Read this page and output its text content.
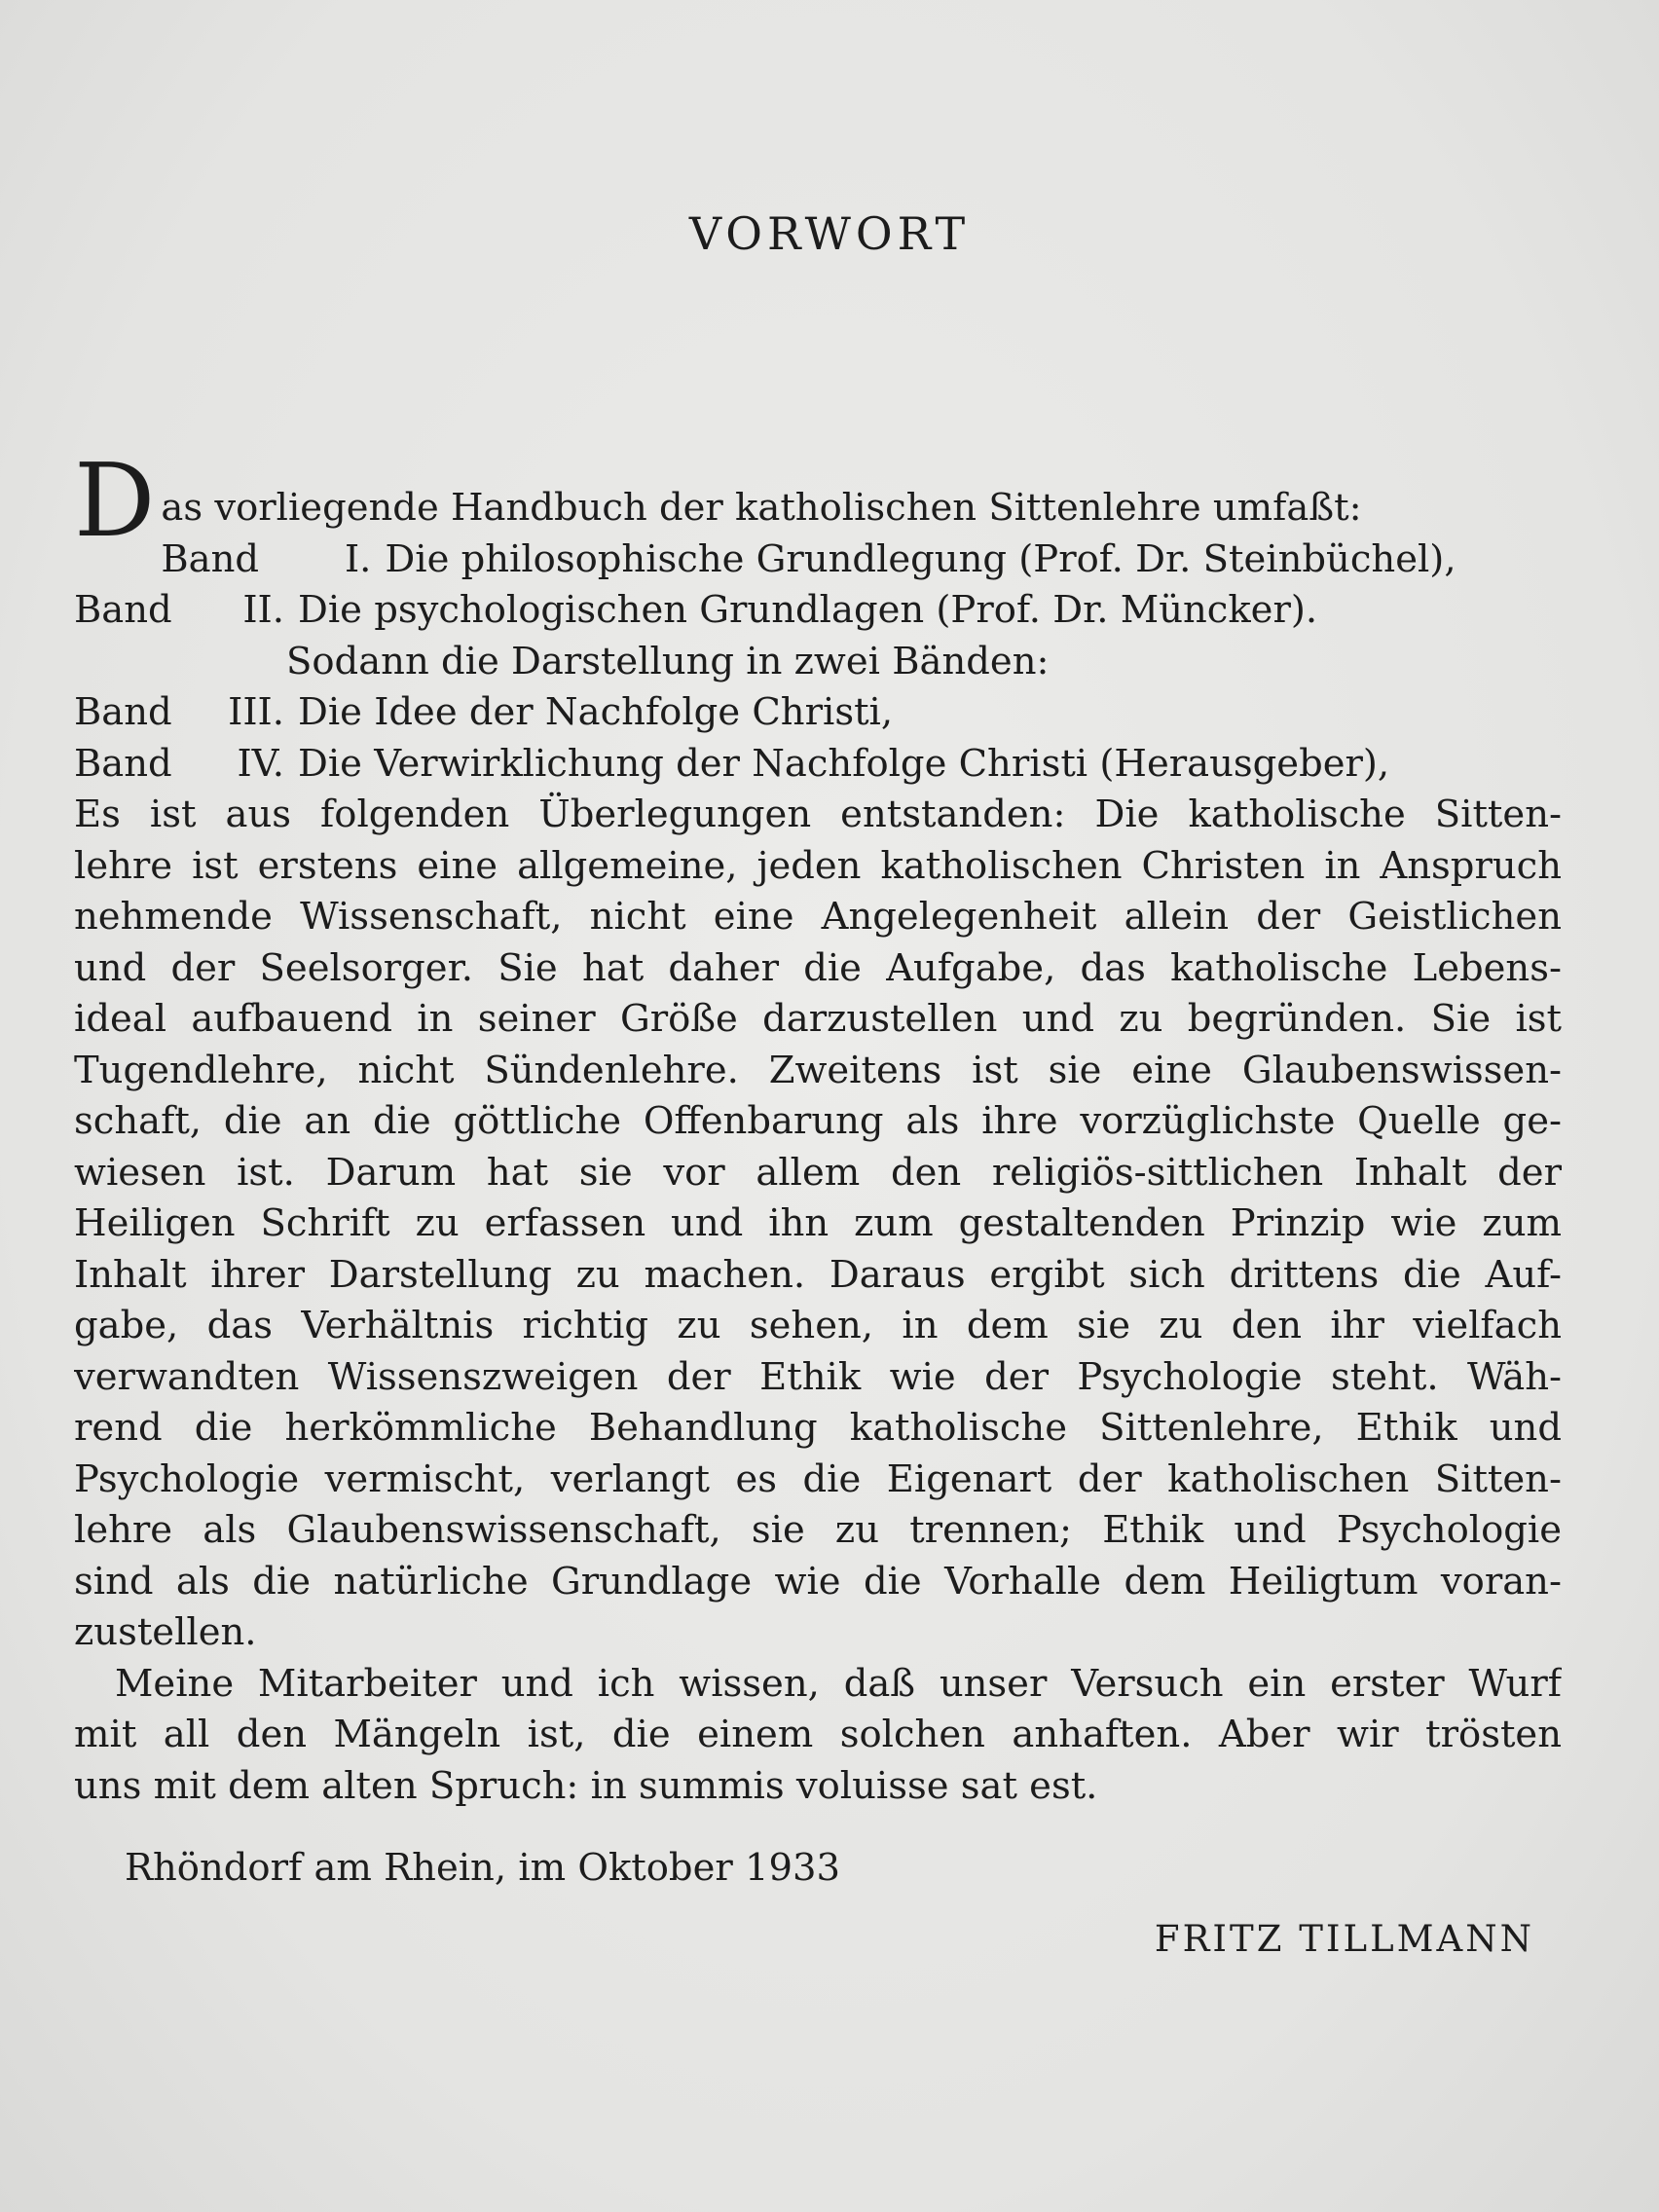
VORWORT
D as vorliegende Handbuch der katholischen Sittenlehre umfaßt:
Band I. Die philosophische Grundlegung (Prof. Dr. Steinbüchel),
Band II. Die psychologischen Grundlagen (Prof. Dr. Müncker).
Sodann die Darstellung in zwei Bänden:
Band III. Die Idee der Nachfolge Christi,
Band IV. Die Verwirklichung der Nachfolge Christi (Herausgeber),
Es ist aus folgenden Überlegungen entstanden: Die katholische Sitten-
lehre ist erstens eine allgemeine, jeden katholischen Christen in Anspruch
nehmende Wissenschaft, nicht eine Angelegenheit allein der Geistlichen
und der Seelsorger. Sie hat daher die Aufgabe, das katholische Lebens-
ideal aufbauend in seiner Größe darzustellen und zu begründen. Sie ist
Tugendlehre, nicht Sündenlehre. Zweitens ist sie eine Glaubenswissen-
schaft, die an die göttliche Offenbarung als ihre vorzüglichste Quelle ge-
wiesen ist. Darum hat sie vor allem den religiös-sittlichen Inhalt der
Heiligen Schrift zu erfassen und ihn zum gestaltenden Prinzip wie zum
Inhalt ihrer Darstellung zu machen. Daraus ergibt sich drittens die Auf-
gabe, das Verhältnis richtig zu sehen, in dem sie zu den ihr vielfach
verwandten Wissenszweigen der Ethik wie der Psychologie steht. Wäh-
rend die herkömmliche Behandlung katholische Sittenlehre, Ethik und
Psychologie vermischt, verlangt es die Eigenart der katholischen Sitten-
lehre als Glaubenswissenschaft, sie zu trennen; Ethik und Psychologie
sind als die natürliche Grundlage wie die Vorhalle dem Heiligtum voran-
zustellen.
Meine Mitarbeiter und ich wissen, daß unser Versuch ein erster Wurf
mit all den Mängeln ist, die einem solchen anhaften. Aber wir trösten
uns mit dem alten Spruch: in summis voluisse sat est.
Rhöndorf am Rhein, im Oktober 1933
FRITZ TILLMANN
